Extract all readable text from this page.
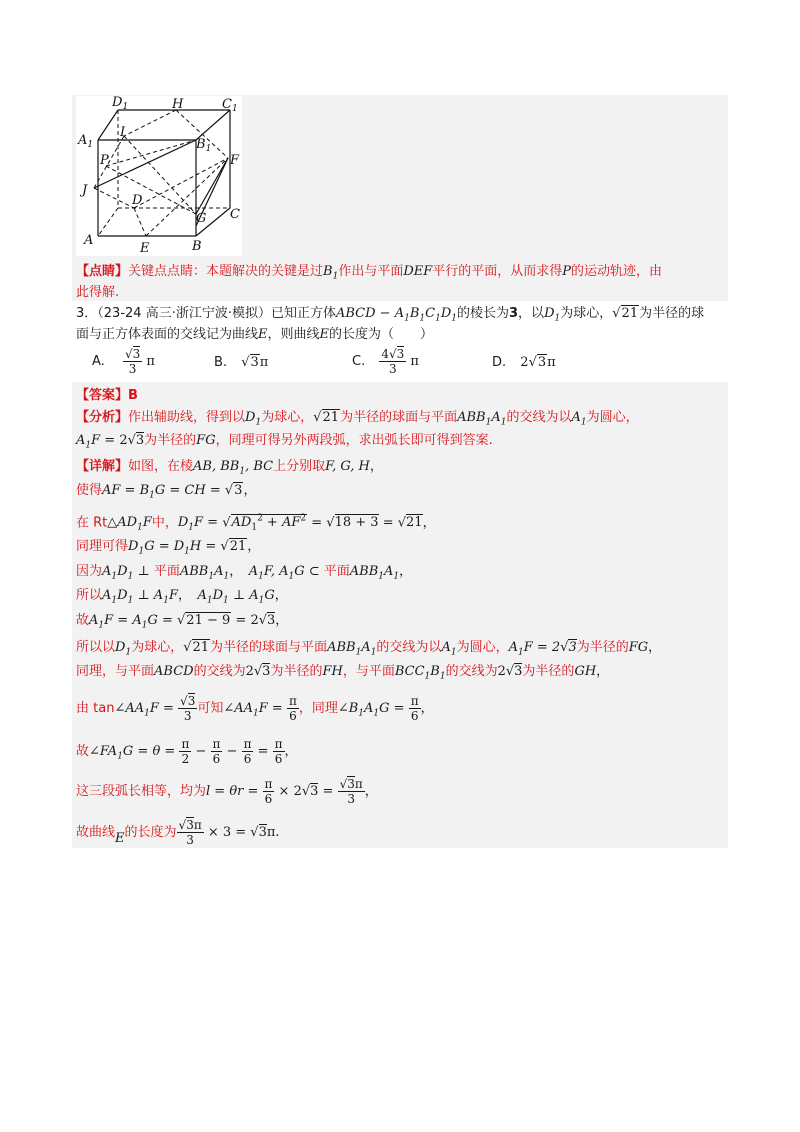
$D_1$	H	$C_1$
$A_1$
I
$B_1$
P	F
J
D
G C
A
E	B
【点睛】关键点点睛：本题解决的关键是过$B_1$作出与平面DEF平行的平面，从而求得P的运动轨迹，由
此得解.
3．（23-24 高三·浙江宁波·模拟）已知正方体ABCD − $A_1B_1C_1D_1$的棱长为3，以$D_1$为球心，√21为半径的球
面与正方体表面的交线记为曲线E，则曲线E的长度为（　　）
A. $\frac{√3}{3}$ π	B. √3π	C. $\frac{4√3}{3}$ π	D. 2√3π
【答案】B
【分析】作出辅助线，得到以$D_1$为球心，√21为半径的球面与平面$ABB_1A_1$的交线为以$A_1$为圆心，
$A_1F = 2√3$为半径的FG，同理可得另外两段弧，求出弧长即可得到答案.
【详解】如图，在棱AB, $BB_1$, BC上分别取F, G, H，
使得AF = $B_1G$ = CH = √3，
在 $Rt\triangle AD_1F$中，$D_1F = √AD_1^2 + AF^2 = √18 + 3 = √21$，
同理可得$D_1G = D_1H = √21$，
因为$A_1D_1$ ⊥ 平面$ABB_1A_1$，　$A_1F$, $A_1G$ ⊂ 平面$ABB_1A_1$，
所以$A_1D_1$ ⊥ $A_1F$，　$A_1D_1$ ⊥ $A_1G$，
故$A_1F = A_1G = √21 - 9 = 2√3$，
所以以$D_1$为球心，√21为半径的球面与平面$ABB_1A_1$的交线为以$A_1$为圆心，$A_1F = 2√3$为半径的FG，
同理，与平面ABCD的交线为2√3为半径的FH，与平面$BCC_1B_1$的交线为2√3为半径的GH，
由 $\tan\angle AA_1F = \frac{√3}{3}$ 可知$\angle AA_1F = \frac{\pi}{6}$ ，同理$\angle B_1A_1G = \frac{\pi}{6}$ ，
故$\angle FA_1G = \theta = \frac{\pi}{2} - \frac{\pi}{6} - \frac{\pi}{6} = \frac{\pi}{6}$ ，
这三段弧长相等，均为$l = \theta r = \frac{\pi}{6} \times 2√3 = \frac{√3\pi}{3}$ ，
故曲线E的长度为 $\frac{√3\pi}{3} \times 3 = √3\pi$.
